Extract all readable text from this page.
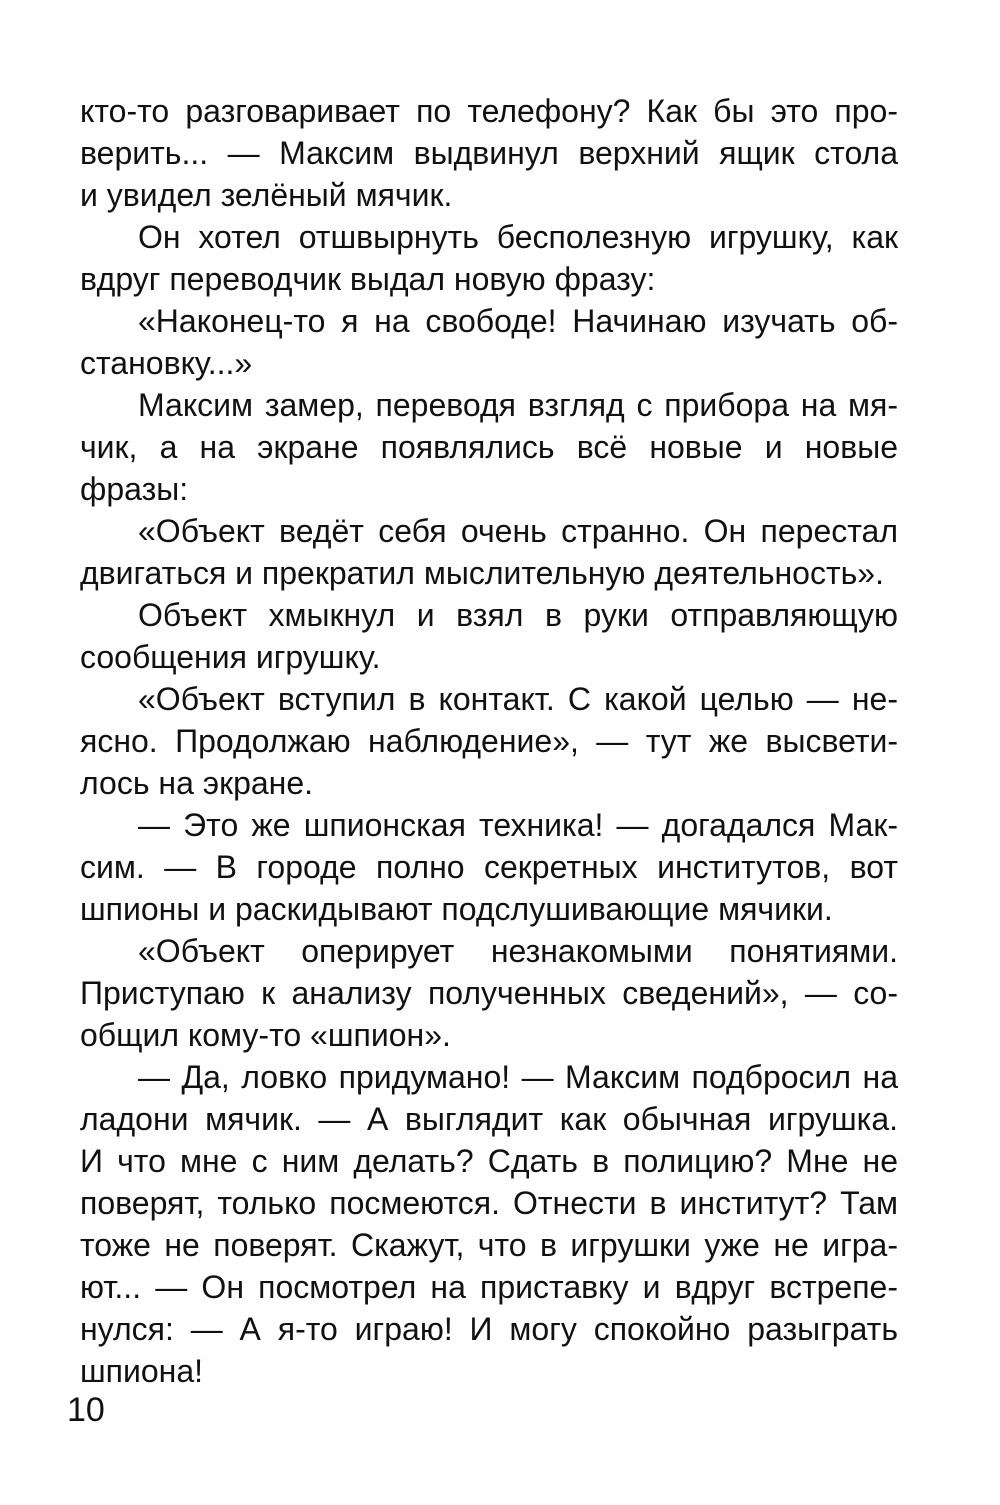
кто-то разговаривает по телефону? Как бы это про-
верить... — Максим выдвинул верхний ящик стола
и увидел зелёный мячик.
Он хотел отшвырнуть бесполезную игрушку, как
вдруг переводчик выдал новую фразу:
«Наконец-то я на свободе! Начинаю изучать об-
становку...»
Максим замер, переводя взгляд с прибора на мя-
чик, а на экране появлялись всё новые и новые фразы:
«Объект ведёт себя очень странно. Он перестал
двигаться и прекратил мыслительную деятельность».
Объект хмыкнул и взял в руки отправляющую
сообщения игрушку.
«Объект вступил в контакт. С какой целью — не-
ясно. Продолжаю наблюдение», — тут же высвети-
лось на экране.
— Это же шпионская техника! — догадался Мак-
сим. — В городе полно секретных институтов, вот
шпионы и раскидывают подслушивающие мячики.
«Объект оперирует незнакомыми понятиями.
Приступаю к анализу полученных сведений», — со-
общил кому-то «шпион».
— Да, ловко придумано! — Максим подбросил на
ладони мячик. — А выглядит как обычная игрушка.
И что мне с ним делать? Сдать в полицию? Мне не
поверят, только посмеются. Отнести в институт? Там
тоже не поверят. Скажут, что в игрушки уже не игра-
ют... — Он посмотрел на приставку и вдруг встрепе-
нулся: — А я-то играю! И могу спокойно разыграть
шпиона!
10
